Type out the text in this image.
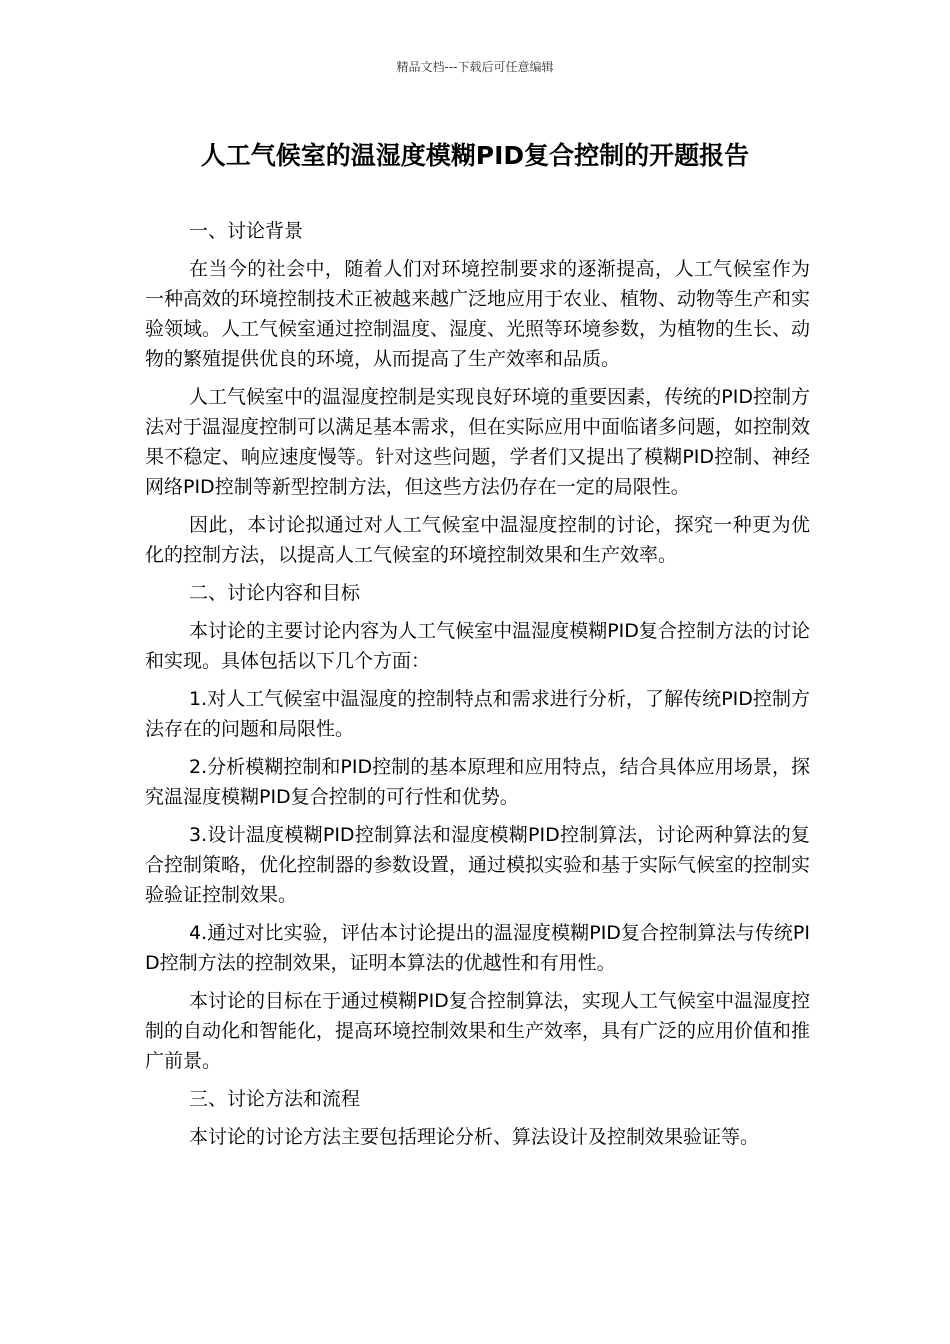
精品文档---下载后可任意编辑
人工气候室的温湿度模糊PID复合控制的开题报告

一、讨论背景

在当今的社会中，随着人们对环境控制要求的逐渐提高，人工气候室作为一种高效的环境控制技术正被越来越广泛地应用于农业、植物、动物等生产和实验领域。人工气候室通过控制温度、湿度、光照等环境参数，为植物的生长、动物的繁殖提供优良的环境，从而提高了生产效率和品质。

人工气候室中的温湿度控制是实现良好环境的重要因素，传统的PID控制方法对于温湿度控制可以满足基本需求，但在实际应用中面临诸多问题，如控制效果不稳定、响应速度慢等。针对这些问题，学者们又提出了模糊PID控制、神经网络PID控制等新型控制方法，但这些方法仍存在一定的局限性。

因此，本讨论拟通过对人工气候室中温湿度控制的讨论，探究一种更为优化的控制方法，以提高人工气候室的环境控制效果和生产效率。

二、讨论内容和目标

本讨论的主要讨论内容为人工气候室中温湿度模糊PID复合控制方法的讨论和实现。具体包括以下几个方面：

1.对人工气候室中温湿度的控制特点和需求进行分析，了解传统PID控制方法存在的问题和局限性。

2.分析模糊控制和PID控制的基本原理和应用特点，结合具体应用场景，探究温湿度模糊PID复合控制的可行性和优势。

3.设计温度模糊PID控制算法和湿度模糊PID控制算法，讨论两种算法的复合控制策略，优化控制器的参数设置，通过模拟实验和基于实际气候室的控制实验验证控制效果。

4.通过对比实验，评估本讨论提出的温湿度模糊PID复合控制算法与传统PID控制方法的控制效果，证明本算法的优越性和有用性。

本讨论的目标在于通过模糊PID复合控制算法，实现人工气候室中温湿度控制的自动化和智能化，提高环境控制效果和生产效率，具有广泛的应用价值和推广前景。

三、讨论方法和流程

本讨论的讨论方法主要包括理论分析、算法设计及控制效果验证等。
